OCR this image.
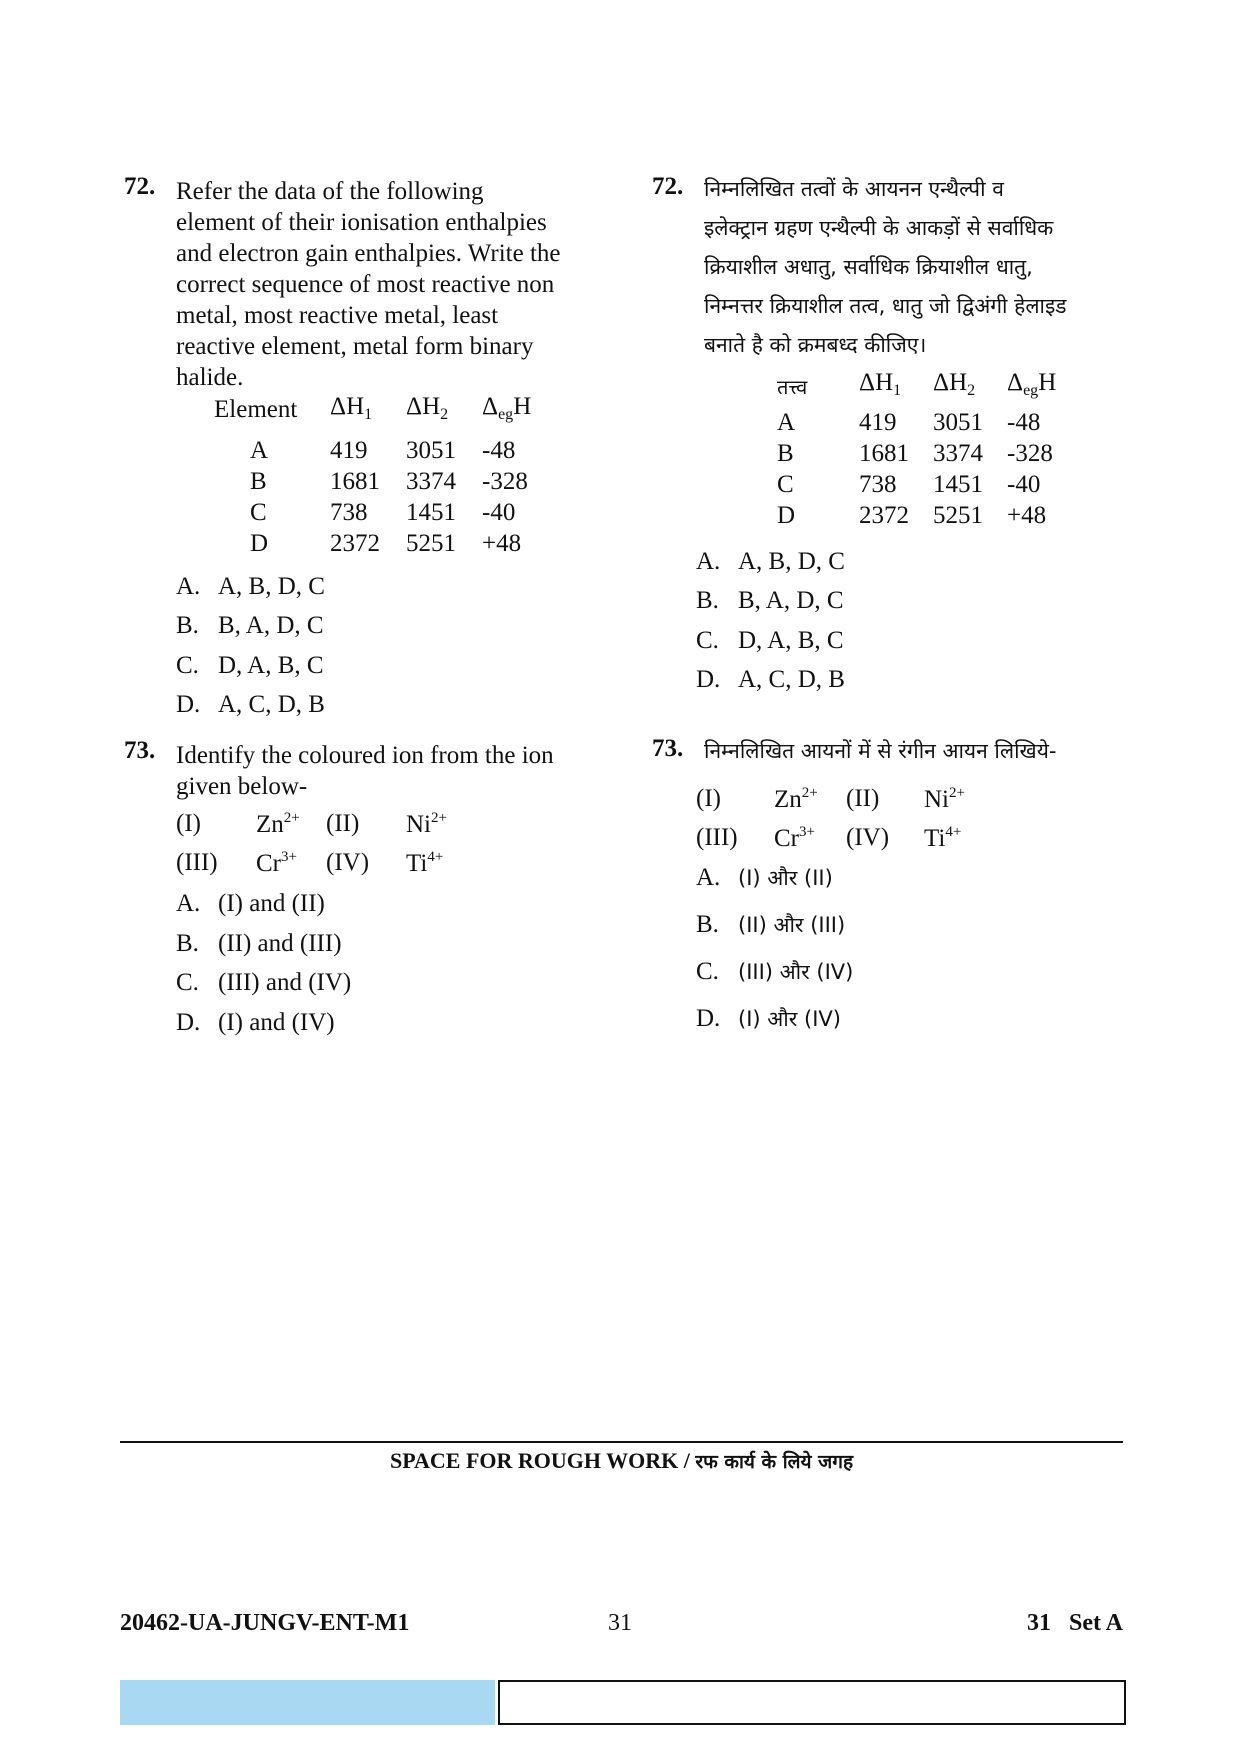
72. Refer the data of the following
element of their ionisation enthalpies
and electron gain enthalpies. Write the
correct sequence of most reactive non
metal, most reactive metal, least
reactive element, metal form binary
halide.
Element	$\Delta H_1$	$\Delta H_2$	$\Delta_{eg}H$

A	419	3051	-48
B	1681	3374	-328
C	738	1451	-40
D	2372	5251	+48
A. A, B, D, C
B. B, A, D, C
C. D, A, B, C
D. A, C, D, B
73. Identify the coloured ion from the ion
given below-
(I) $Zn^{2+}$ (II) $Ni^{2+}$
(III) $Cr^{3+}$ (IV) $Ti^{4+}$
A. (I) and (II)
B. (II) and (III)
C. (III) and (IV)
D. (I) and (IV)
72. निम्नलिखित तत्वों के आयनन एन्थैल्पी व
इलेक्ट्रान ग्रहण एन्थैल्पी के आकड़ों से सर्वाधिक
क्रियाशील अधातु, सर्वाधिक क्रियाशील धातु,
निम्नत्तर क्रियाशील तत्व, धातु जो द्विअंगी हेलाइड
बनाते है को क्रमबध्द कीजिए।
तत्त्व	$\Delta H_1$	$\Delta H_2$	$\Delta_{eg}H$

A	419	3051	-48
B	1681	3374	-328
C	738	1451	-40
D	2372	5251	+48
A. A, B, D, C
B. B, A, D, C
C. D, A, B, C
D. A, C, D, B
73. निम्नलिखित आयनों में से रंगीन आयन लिखिये-
(I) $Zn^{2+}$ (II) $Ni^{2+}$
(III) $Cr^{3+}$ (IV) $Ti^{4+}$
A. (I) और (II)
B. (II) और (III)
C. (III) और (IV)
D. (I) और (IV)
SPACE FOR ROUGH WORK / रफ कार्य के लिये जगह
20462-UA-JUNGV-ENT-M1	31	31   Set A
